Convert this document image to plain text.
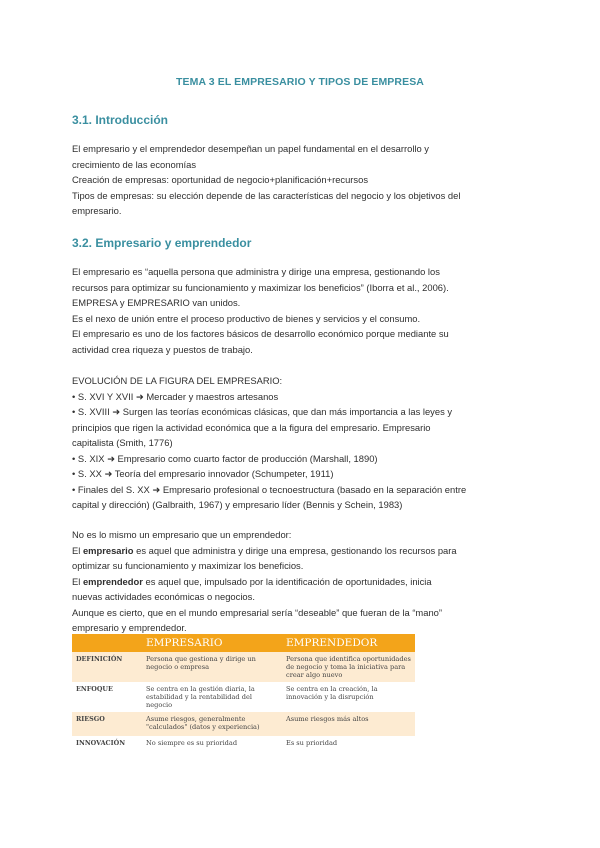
TEMA 3 EL EMPRESARIO Y TIPOS DE EMPRESA
3.1. Introducción
El empresario y el emprendedor desempeñan un papel fundamental en el desarrollo y
crecimiento de las economías
Creación de empresas: oportunidad de negocio+planificación+recursos
Tipos de empresas: su elección depende de las características del negocio y los objetivos del
empresario.
3.2. Empresario y emprendedor
El empresario es “aquella persona que administra y dirige una empresa, gestionando los
recursos para optimizar su funcionamiento y maximizar los beneficios” (Iborra et al., 2006).
EMPRESA y EMPRESARIO van unidos.
Es el nexo de unión entre el proceso productivo de bienes y servicios y el consumo.
El empresario es uno de los factores básicos de desarrollo económico porque mediante su
actividad crea riqueza y puestos de trabajo.
EVOLUCIÓN DE LA FIGURA DEL EMPRESARIO:
• S. XVI Y XVII ➜ Mercader y maestros artesanos
• S. XVIII ➜ Surgen las teorías económicas clásicas, que dan más importancia a las leyes y
principios que rigen la actividad económica que a la figura del empresario. Empresario
capitalista (Smith, 1776)
• S. XIX ➜ Empresario como cuarto factor de producción (Marshall, 1890)
• S. XX ➜ Teoría del empresario innovador (Schumpeter, 1911)
• Finales del S. XX ➜ Empresario profesional o tecnoestructura (basado en la separación entre
capital y dirección) (Galbraith, 1967) y empresario líder (Bennis y Schein, 1983)
No es lo mismo un empresario que un emprendedor:
El empresario es aquel que administra y dirige una empresa, gestionando los recursos para
optimizar su funcionamiento y maximizar los beneficios.
El emprendedor es aquel que, impulsado por la identificación de oportunidades, inicia
nuevas actividades económicas o negocios.
Aunque es cierto, que en el mundo empresarial sería “deseable” que fueran de la “mano”
empresario y emprendedor.
	EMPRESARIO	EMPRENDEDOR
DEFINICIÓN	Persona que gestiona y dirige un negocio o empresa	Persona que identifica oportunidades de negocio y toma la iniciativa para crear algo nuevo
ENFOQUE	Se centra en la gestión diaria, la estabilidad y la rentabilidad del negocio	Se centra en la creación, la innovación y la disrupción
RIESGO	Asume riesgos, generalmente "calculados" (datos y experiencia)	Asume riesgos más altos
INNOVACIÓN	No siempre es su prioridad	Es su prioridad
